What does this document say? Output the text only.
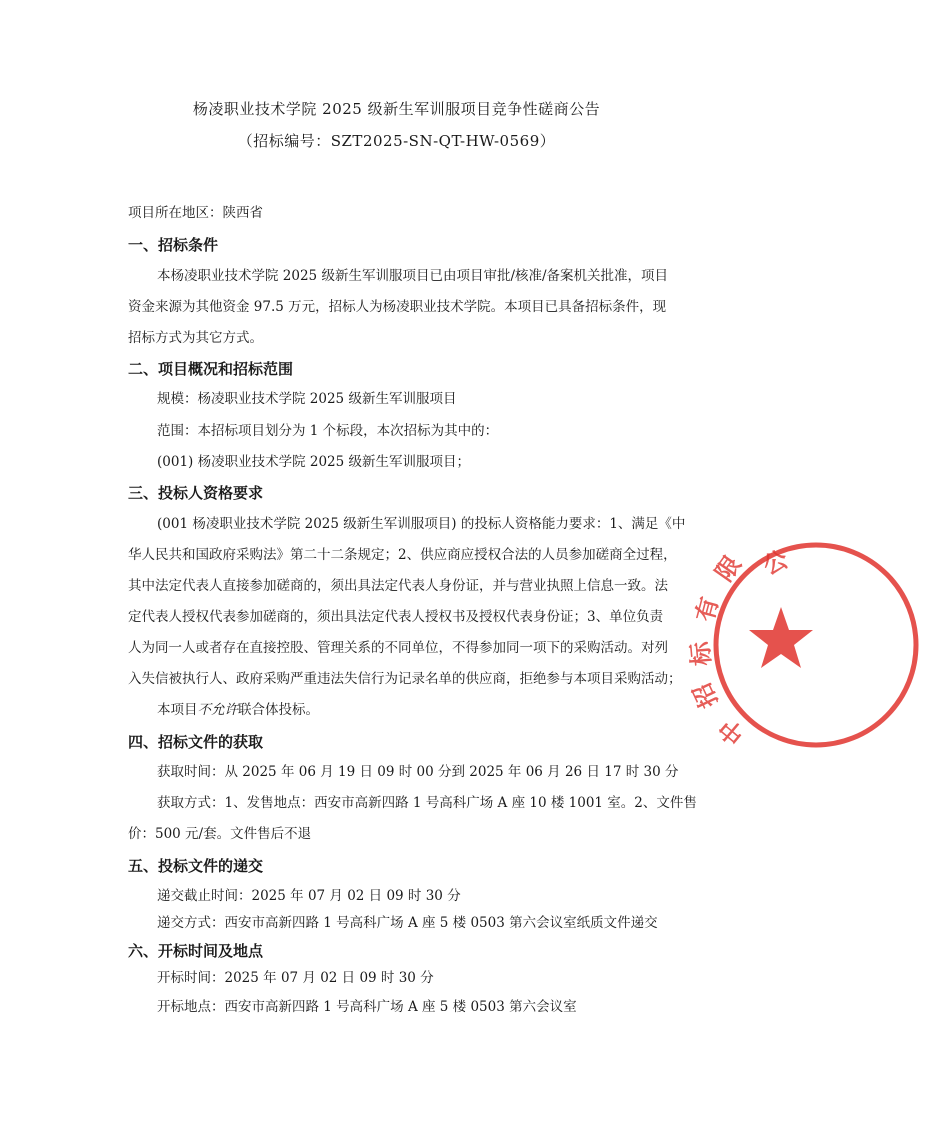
杨凌职业技术学院 2025 级新生军训服项目竞争性磋商公告
（招标编号：SZT2025-SN-QT-HW-0569）
项目所在地区：陕西省
一、招标条件
本杨凌职业技术学院 2025 级新生军训服项目已由项目审批/核准/备案机关批准，项目
资金来源为其他资金 97.5 万元，招标人为杨凌职业技术学院。本项目已具备招标条件，现
招标方式为其它方式。
二、项目概况和招标范围
规模：杨凌职业技术学院 2025 级新生军训服项目
范围：本招标项目划分为 1 个标段，本次招标为其中的：
(001) 杨凌职业技术学院 2025 级新生军训服项目；
三、投标人资格要求
(001 杨凌职业技术学院 2025 级新生军训服项目) 的投标人资格能力要求：1、满足《中
华人民共和国政府采购法》第二十二条规定；2、供应商应授权合法的人员参加磋商全过程，
其中法定代表人直接参加磋商的，须出具法定代表人身份证，并与营业执照上信息一致。法
定代表人授权代表参加磋商的，须出具法定代表人授权书及授权代表身份证；3、单位负责
人为同一人或者存在直接控股、管理关系的不同单位，不得参加同一项下的采购活动。对列
入失信被执行人、政府采购严重违法失信行为记录名单的供应商，拒绝参与本项目采购活动；
本项目不允许联合体投标。
四、招标文件的获取
获取时间：从 2025 年 06 月 19 日 09 时 00 分到 2025 年 06 月 26 日 17 时 30 分
获取方式：1、发售地点：西安市高新四路 1 号高科广场 A 座 10 楼 1001 室。2、文件售
价：500 元/套。文件售后不退
五、投标文件的递交
递交截止时间：2025 年 07 月 02 日 09 时 30 分
递交方式：西安市高新四路 1 号高科广场 A 座 5 楼 0503 第六会议室纸质文件递交
六、开标时间及地点
开标时间：2025 年 07 月 02 日 09 时 30 分
开标地点：西安市高新四路 1 号高科广场 A 座 5 楼 0503 第六会议室
公
限
有
标
招
中
